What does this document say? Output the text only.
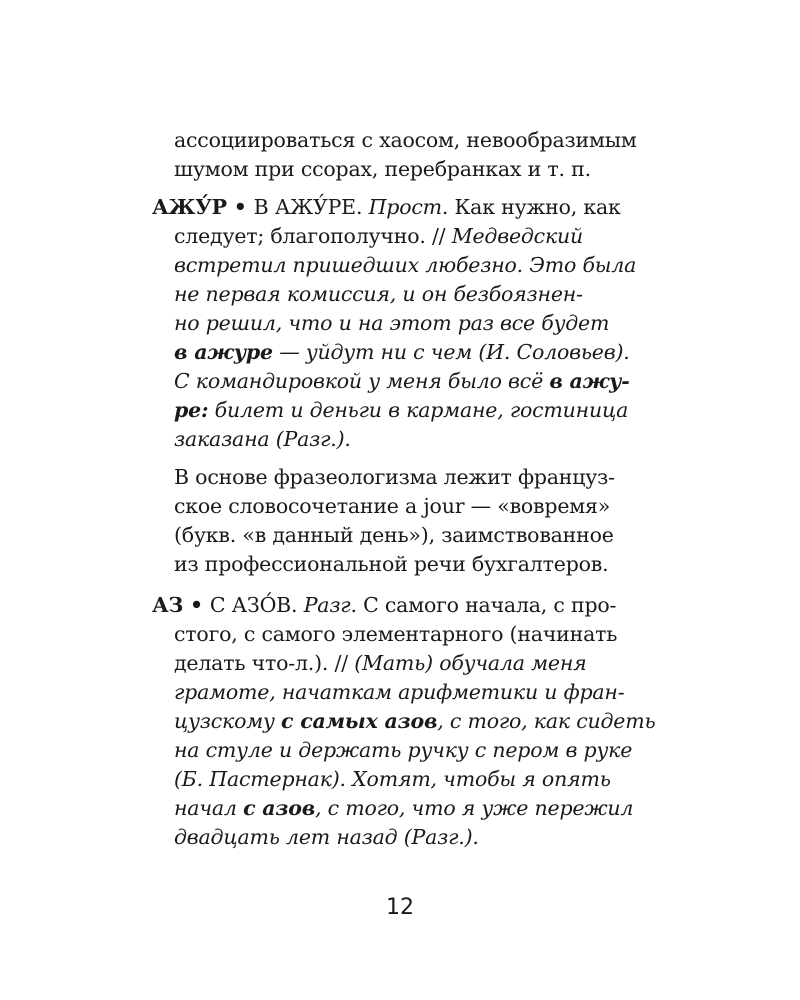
ассоциироваться с хаосом, невообразимым
шумом при ссорах, перебранках и т. п.
АЖУ́Р • В АЖУ́РЕ. Прост. Как нужно, как
следует; благополучно. // Медведский
встретил пришедших любезно. Это была
не первая комиссия, и он безбоязнен-
но решил, что и на этот раз все будет
в ажуре — уйдут ни с чем (И. Соловьев).
С командировкой у меня было всё в ажу-
ре: билет и деньги в кармане, гостиница
заказана (Разг.).
В основе фразеологизма лежит француз-
ское словосочетание а jour — «вовремя»
(букв. «в данный день»), заимствованное
из профессиональной речи бухгалтеров.
АЗ • С АЗО́В. Разг. С самого начала, с про-
стого, с самого элементарного (начинать
делать что-л.). // (Мать) обучала меня
грамоте, начаткам арифметики и фран-
цузскому с самых азов, с того, как сидеть
на стуле и держать ручку с пером в руке
(Б. Пастернак). Хотят, чтобы я опять
начал с азов, с того, что я уже пережил
двадцать лет назад (Разг.).
12
